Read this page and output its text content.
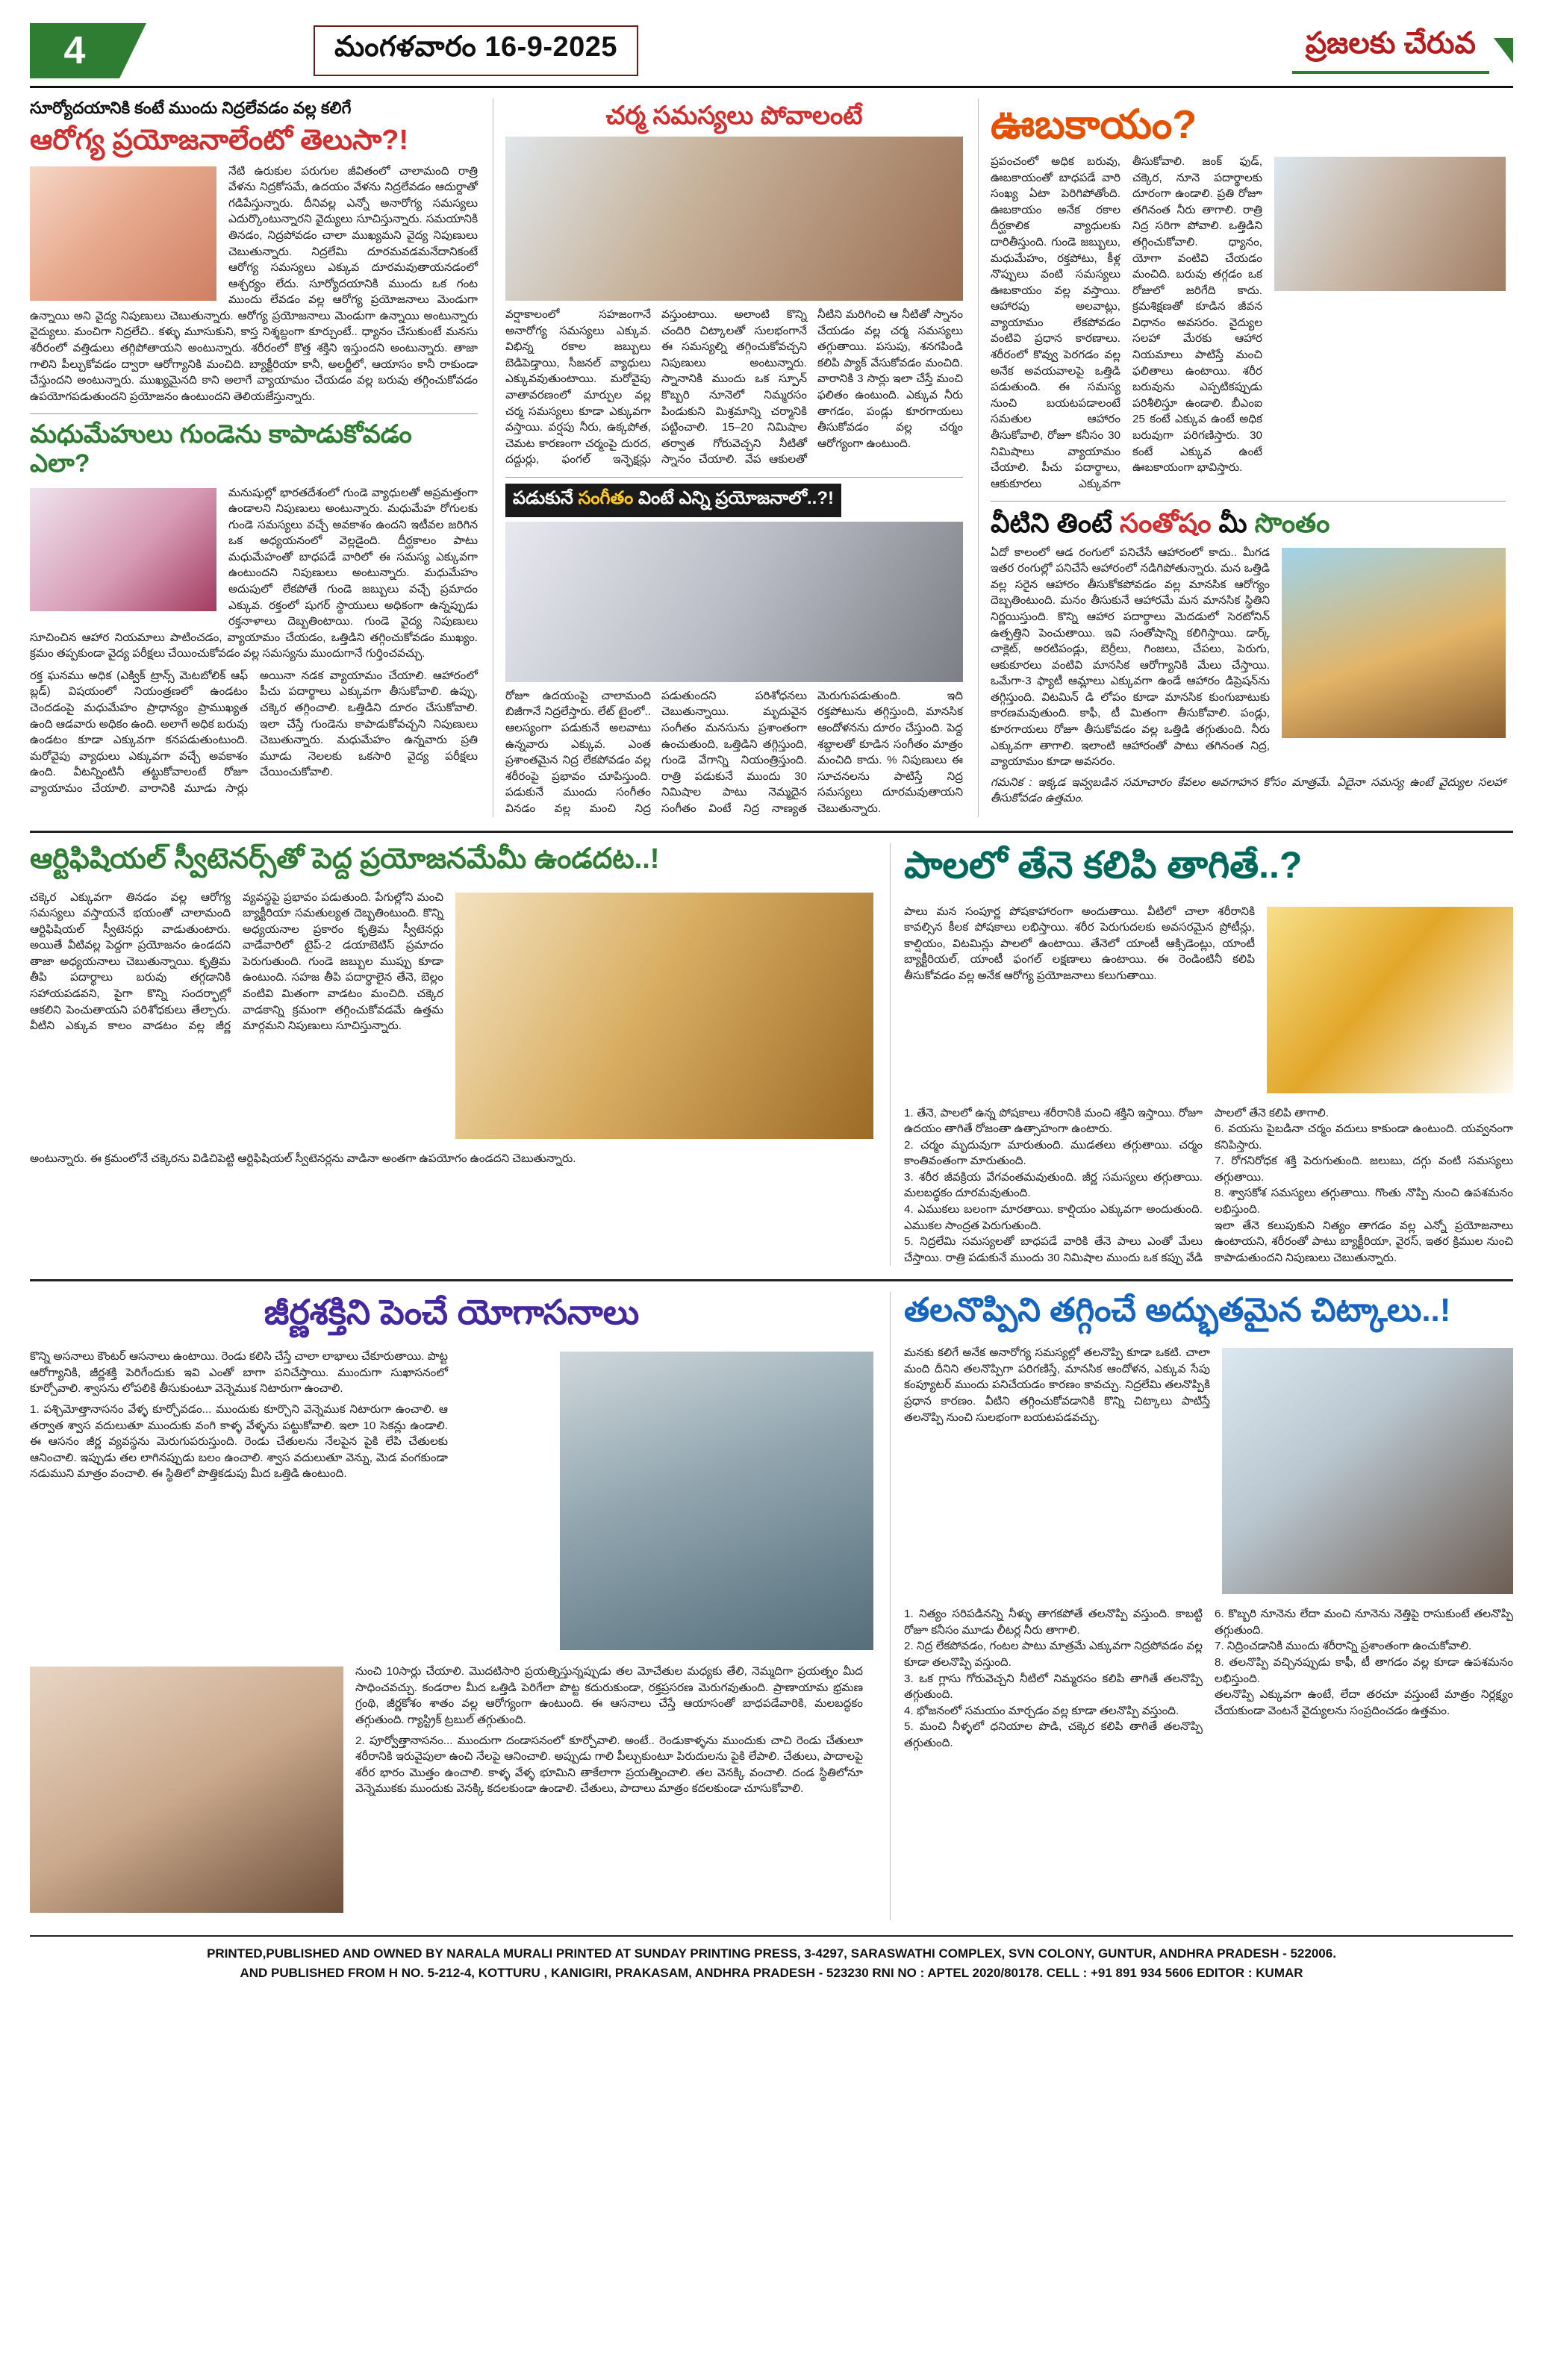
4	మంగళవారం 16-9-2025	ప్రజలకు చేరువ
సూర్యోదయానికి కంటే ముందు నిద్రలేవడం వల్ల కలిగే
ఆరోగ్య ప్రయోజనాలేంటో తెలుసా?!
నేటి ఉరుకుల పరుగుల జీవితంలో చాలామంది రాత్రి వేళను నిద్రకోసమే, ఉదయం వేళను నిద్రలేవడం ఆదుర్దాతో గడిపేస్తున్నారు. దీనివల్ల ఎన్నో అనారోగ్య సమస్యలు ఎదుర్కొంటున్నారని వైద్యులు సూచిస్తున్నారు. సమయానికి తినడం, నిద్రపోవడం చాలా ముఖ్యమని వైద్య నిపుణులు చెబుతున్నారు. నిద్రలేమి దూరమవడమనేదానికంటే ఆరోగ్య సమస్యలు ఎక్కువ దూరమవుతాయనడంలో ఆశ్చర్యం లేదు. సూర్యోదయానికి ముందు ఒక గంట ముందు లేవడం వల్ల ఆరోగ్య ప్రయోజనాలు మెండుగా ఉన్నాయి అని వైద్య నిపుణులు చెబుతున్నారు. ఆరోగ్య ప్రయోజనాలు మెండుగా ఉన్నాయి అంటున్నారు వైద్యులు. మంచిగా నిద్రలేచి.. కళ్ళు మూసుకుని, కాస్త నిశ్శబ్దంగా కూర్చుంటే.. ధ్యానం చేసుకుంటే మనసు శరీరంలో వత్తిడులు తగ్గిపోతాయని అంటున్నారు. శరీరంలో కొత్త శక్తిని ఇస్తుందని అంటున్నారు. తాజా గాలిని పీల్చుకోవడం ద్వారా ఆరోగ్యానికి మంచిది. బ్యాక్టీరియా కానీ, అలర్జీలో, ఆయాసం కానీ రాకుండా చేస్తుందని అంటున్నారు. ముఖ్యమైనది కాని అలాగే వ్యాయామం చేయడం వల్ల బరువు తగ్గించుకోవడం ఉపయోగపడుతుందని ప్రయోజనం ఉంటుందని తెలియజేస్తున్నారు.
మధుమేహులు గుండెను కాపాడుకోవడం ఎలా?
మనుషుల్లో భారతదేశంలో గుండె వ్యాధులతో అప్రమత్తంగా ఉండాలని నిపుణులు అంటున్నారు. మధుమేహ రోగులకు గుండె సమస్యలు వచ్చే అవకాశం ఉందని ఇటీవల జరిగిన ఒక అధ్యయనంలో వెల్లడైంది. దీర్ఘకాలం పాటు మధుమేహంతో బాధపడే వారిలో ఈ సమస్య ఎక్కువగా ఉంటుందని నిపుణులు అంటున్నారు. మధుమేహం అదుపులో లేకపోతే గుండె జబ్బులు వచ్చే ప్రమాదం ఎక్కువ. రక్తంలో షుగర్ స్థాయులు అధికంగా ఉన్నప్పుడు రక్తనాళాలు దెబ్బతింటాయి. గుండె వైద్య నిపుణులు సూచించిన ఆహార నియమాలు పాటించడం, వ్యాయామం చేయడం, ఒత్తిడిని తగ్గించుకోవడం ముఖ్యం. క్రమం తప్పకుండా వైద్య పరీక్షలు చేయించుకోవడం వల్ల సమస్యను ముందుగానే గుర్తించవచ్చు.
రక్త ఘనము అధిక (ఎక్విక్ ట్రాన్స్ మెటబోలిక్ ఆఫ్ బ్లడ్) విషయంలో నియంత్రణలో ఉండటం చెందడంపై మధుమేహం ప్రాధాన్యం ప్రాముఖ్యత ఉంది ఆడవారు అధికం ఉంది. అలాగే అధిక బరువు ఉండటం కూడా ఎక్కువగా కనపడుతుంటుంది. మరోవైపు వ్యాధులు ఎక్కువగా వచ్చే అవకాశం ఉంది. వీటన్నింటినీ తట్టుకోవాలంటే రోజూ వ్యాయామం చేయాలి. వారానికి మూడు సార్లు అయినా నడక వ్యాయామం చేయాలి. ఆహారంలో పీచు పదార్థాలు ఎక్కువగా తీసుకోవాలి. ఉప్పు, చక్కెర తగ్గించాలి. ఒత్తిడిని దూరం చేసుకోవాలి. ఇలా చేస్తే గుండెను కాపాడుకోవచ్చని నిపుణులు చెబుతున్నారు. మధుమేహం ఉన్నవారు ప్రతి మూడు నెలలకు ఒకసారి వైద్య పరీక్షలు చేయించుకోవాలి.
చర్మ సమస్యలు పోవాలంటే
వర్షాకాలంలో సహజంగానే అనారోగ్య సమస్యలు ఎక్కువ. విభిన్న రకాల జబ్బులు బెడిపెడ్తాయి, సీజనల్ వ్యాధులు ఎక్కువవుతుంటాయి. మరోవైపు వాతావరణంలో మార్పుల వల్ల చర్మ సమస్యలు కూడా ఎక్కువగా వస్తాయి. వర్షపు నీరు, ఉక్కపోత, చెమట కారణంగా చర్మంపై దురద, దద్దుర్లు, ఫంగల్ ఇన్ఫెక్షన్లు వస్తుంటాయి. అలాంటి కొన్ని చందిరి చిట్కాలతో సులభంగానే ఈ సమస్యల్ని తగ్గించుకోవచ్చని నిపుణులు అంటున్నారు. స్నానానికి ముందు ఒక స్పూన్ కొబ్బరి నూనెలో నిమ్మరసం పిండుకుని మిశ్రమాన్ని చర్మానికి పట్టించాలి. 15–20 నిమిషాల తర్వాత గోరువెచ్చని నీటితో స్నానం చేయాలి. వేప ఆకులతో నీటిని మరిగించి ఆ నీటితో స్నానం చేయడం వల్ల చర్మ సమస్యలు తగ్గుతాయి. పసుపు, శనగపిండి కలిపి ప్యాక్ వేసుకోవడం మంచిది. వారానికి 3 సార్లు ఇలా చేస్తే మంచి ఫలితం ఉంటుంది. ఎక్కువ నీరు తాగడం, పండ్లు కూరగాయలు తీసుకోవడం వల్ల చర్మం ఆరోగ్యంగా ఉంటుంది.
పడుకునే సంగీతం వింటే ఎన్ని ప్రయోజనాలో..?!
రోజూ ఉదయంపై చాలామంది బిజీగానే నిద్రలేస్తారు. లేట్ టైంలో.. ఆలస్యంగా పడుకునే అలవాటు ఉన్నవారు ఎక్కువ. ఎంత ప్రశాంతమైన నిద్ర లేకపోవడం వల్ల శరీరంపై ప్రభావం చూపిస్తుంది. పడుకునే ముందు సంగీతం వినడం వల్ల మంచి నిద్ర పడుతుందని పరిశోధనలు చెబుతున్నాయి. మృదువైన సంగీతం మనసును ప్రశాంతంగా ఉంచుతుంది, ఒత్తిడిని తగ్గిస్తుంది, గుండె వేగాన్ని నియంత్రిస్తుంది. రాత్రి పడుకునే ముందు 30 నిమిషాల పాటు నెమ్మదైన సంగీతం వింటే నిద్ర నాణ్యత మెరుగుపడుతుంది. ఇది రక్తపోటును తగ్గిస్తుంది, మానసిక ఆందోళనను దూరం చేస్తుంది. పెద్ద శబ్దాలతో కూడిన సంగీతం మాత్రం మంచిది కాదు. % నిపుణులు ఈ సూచనలను పాటిస్తే నిద్ర సమస్యలు దూరమవుతాయని చెబుతున్నారు.
ఊబకాయం?
ప్రపంచంలో అధిక బరువు, ఊబకాయంతో బాధపడే వారి సంఖ్య ఏటా పెరిగిపోతోంది. ఊబకాయం అనేక రకాల దీర్ఘకాలిక వ్యాధులకు దారితీస్తుంది. గుండె జబ్బులు, మధుమేహం, రక్తపోటు, కీళ్ల నొప్పులు వంటి సమస్యలు ఊబకాయం వల్ల వస్తాయి. ఆహారపు అలవాట్లు, వ్యాయామం లేకపోవడం వంటివి ప్రధాన కారణాలు. శరీరంలో కొవ్వు పెరగడం వల్ల అనేక అవయవాలపై ఒత్తిడి పడుతుంది. ఈ సమస్య నుంచి బయటపడాలంటే సమతుల ఆహారం తీసుకోవాలి, రోజూ కనీసం 30 నిమిషాలు వ్యాయామం చేయాలి. పీచు పదార్థాలు, ఆకుకూరలు ఎక్కువగా తీసుకోవాలి. జంక్ ఫుడ్, చక్కెర, నూనె పదార్థాలకు దూరంగా ఉండాలి. ప్రతి రోజూ తగినంత నీరు తాగాలి. రాత్రి నిద్ర సరిగా పోవాలి. ఒత్తిడిని తగ్గించుకోవాలి. ధ్యానం, యోగా వంటివి చేయడం మంచిది. బరువు తగ్గడం ఒక రోజులో జరిగేది కాదు. క్రమశిక్షణతో కూడిన జీవన విధానం అవసరం. వైద్యుల సలహా మేరకు ఆహార నియమాలు పాటిస్తే మంచి ఫలితాలు ఉంటాయి. శరీర బరువును ఎప్పటికప్పుడు పరిశీలిస్తూ ఉండాలి. బీఎంఐ 25 కంటే ఎక్కువ ఉంటే అధిక బరువుగా పరిగణిస్తారు. 30 కంటే ఎక్కువ ఉంటే ఊబకాయంగా భావిస్తారు.
వీటిని తింటే సంతోషం మీ సొంతం
ఏదో కాలంలో ఆడ రంగులో పనిచేసే ఆహారంలో కాదు.. మీగడ ఇతర రంగుల్లో పనిచేసే ఆహారంలో నడిగిపోతున్నారు. మన ఒత్తిడి వల్ల సరైన ఆహారం తీసుకోకపోవడం వల్ల మానసిక ఆరోగ్యం దెబ్బతింటుంది. మనం తీసుకునే ఆహారమే మన మానసిక స్థితిని నిర్ణయిస్తుంది. కొన్ని ఆహార పదార్థాలు మెదడులో సెరటోనిన్ ఉత్పత్తిని పెంచుతాయి. ఇవి సంతోషాన్ని కలిగిస్తాయి. డార్క్ చాక్లెట్, అరటిపండ్లు, బెర్రీలు, గింజలు, చేపలు, పెరుగు, ఆకుకూరలు వంటివి మానసిక ఆరోగ్యానికి మేలు చేస్తాయి. ఒమేగా-3 ఫ్యాటీ ఆమ్లాలు ఎక్కువగా ఉండే ఆహారం డిప్రెషన్‌ను తగ్గిస్తుంది. విటమిన్ డి లోపం కూడా మానసిక కుంగుబాటుకు కారణమవుతుంది. కాఫీ, టీ మితంగా తీసుకోవాలి. పండ్లు, కూరగాయలు రోజూ తీసుకోవడం వల్ల ఒత్తిడి తగ్గుతుంది. నీరు ఎక్కువగా తాగాలి. ఇలాంటి ఆహారంతో పాటు తగినంత నిద్ర, వ్యాయామం కూడా అవసరం.
గమనిక : ఇక్కడ ఇవ్వబడిన సమాచారం కేవలం అవగాహన కోసం మాత్రమే. ఏదైనా సమస్య ఉంటే వైద్యుల సలహా తీసుకోవడం ఉత్తమం.
ఆర్టిఫిషియల్ స్వీటెనర్స్‌తో పెద్ద ప్రయోజనమేమీ ఉండదట..!
చక్కెర ఎక్కువగా తినడం వల్ల ఆరోగ్య సమస్యలు వస్తాయనే భయంతో చాలామంది ఆర్టిఫిషియల్ స్వీటెనర్లు వాడుతుంటారు. అయితే వీటివల్ల పెద్దగా ప్రయోజనం ఉండదని తాజా అధ్యయనాలు చెబుతున్నాయి. కృత్రిమ తీపి పదార్థాలు బరువు తగ్గడానికి సహాయపడవని, పైగా కొన్ని సందర్భాల్లో ఆకలిని పెంచుతాయని పరిశోధకులు తేల్చారు. వీటిని ఎక్కువ కాలం వాడటం వల్ల జీర్ణ వ్యవస్థపై ప్రభావం పడుతుంది. పేగుల్లోని మంచి బ్యాక్టీరియా సమతుల్యత దెబ్బతింటుంది. కొన్ని అధ్యయనాల ప్రకారం కృత్రిమ స్వీటెనర్లు వాడేవారిలో టైప్-2 డయాబెటిస్ ప్రమాదం పెరుగుతుంది. గుండె జబ్బుల ముప్పు కూడా ఉంటుంది. సహజ తీపి పదార్థాలైన తేనె, బెల్లం వంటివి మితంగా వాడటం మంచిది. చక్కెర వాడకాన్ని క్రమంగా తగ్గించుకోవడమే ఉత్తమ మార్గమని నిపుణులు సూచిస్తున్నారు.
అంటున్నారు. ఈ క్రమంలోనే చక్కెరను విడిచిపెట్టి ఆర్టిఫిషియల్ స్వీటెనర్లను వాడినా అంతగా ఉపయోగం ఉండదని చెబుతున్నారు.
పాలలో తేనె కలిపి తాగితే..?
పాలు మన సంపూర్ణ పోషకాహారంగా అందుతాయి. వీటిలో చాలా శరీరానికి కావల్సిన కీలక పోషకాలు లభిస్తాయి. శరీర పెరుగుదలకు అవసరమైన ప్రోటీన్లు, కాల్షియం, విటమిన్లు పాలలో ఉంటాయి. తేనెలో యాంటీ ఆక్సిడెంట్లు, యాంటీ బ్యాక్టీరియల్, యాంటీ ఫంగల్ లక్షణాలు ఉంటాయి. ఈ రెండింటినీ కలిపి తీసుకోవడం వల్ల అనేక ఆరోగ్య ప్రయోజనాలు కలుగుతాయి.
1. తేనె, పాలలో ఉన్న పోషకాలు శరీరానికి మంచి శక్తిని ఇస్తాయి. రోజూ ఉదయం తాగితే రోజంతా ఉత్సాహంగా ఉంటారు.
2. చర్మం మృదువుగా మారుతుంది. ముడతలు తగ్గుతాయి. చర్మం కాంతివంతంగా మారుతుంది.
3. శరీర జీవక్రియ వేగవంతమవుతుంది. జీర్ణ సమస్యలు తగ్గుతాయి. మలబద్ధకం దూరమవుతుంది.
4. ఎముకలు బలంగా మారతాయి. కాల్షియం ఎక్కువగా అందుతుంది. ఎముకల సాంద్రత పెరుగుతుంది.
5. నిద్రలేమి సమస్యలతో బాధపడే వారికి తేనె పాలు ఎంతో మేలు చేస్తాయి. రాత్రి పడుకునే ముందు 30 నిమిషాల ముందు ఒక కప్పు వేడి పాలలో తేనె కలిపి తాగాలి.
6. వయసు పైబడినా చర్మం వదులు కాకుండా ఉంటుంది. యవ్వనంగా కనిపిస్తారు.
7. రోగనిరోధక శక్తి పెరుగుతుంది. జలుబు, దగ్గు వంటి సమస్యలు తగ్గుతాయి.
8. శ్వాసకోశ సమస్యలు తగ్గుతాయి. గొంతు నొప్పి నుంచి ఉపశమనం లభిస్తుంది.
ఇలా తేనె కలుపుకుని నిత్యం తాగడం వల్ల ఎన్నో ప్రయోజనాలు ఉంటాయని, శరీరంతో పాటు బ్యాక్టీరియా, వైరస్, ఇతర క్రిముల నుంచి కాపాడుతుందని నిపుణులు చెబుతున్నారు.
జీర్ణశక్తిని పెంచే యోగాసనాలు
కొన్ని అసనాలు కౌంటర్ ఆసనాలు ఉంటాయి. రెండు కలిసి చేస్తే చాలా లాభాలు చేకూరుతాయి. పొట్ట ఆరోగ్యానికి, జీర్ణశక్తి పెరిగేందుకు ఇవి ఎంతో బాగా పనిచేస్తాయి. ముందుగా సుఖాసనంలో కూర్చోవాలి. శ్వాసను లోపలికి తీసుకుంటూ వెన్నెముక నిటారుగా ఉంచాలి.
1. పశ్చిమోత్తానాసనం వేళ్ళ కూర్చోవడం... ముందుకు కూర్చొని వెన్నెముక నిటారుగా ఉంచాలి. ఆ తర్వాత శ్వాస వదులుతూ ముందుకు వంగి కాళ్ళ వేళ్ళను పట్టుకోవాలి. ఇలా 10 సెకన్లు ఉండాలి. ఈ ఆసనం జీర్ణ వ్యవస్థను మెరుగుపరుస్తుంది. రెండు చేతులను నేలపైన పైకి లేపి చేతులకు ఆనించాలి. ఇప్పుడు తల లాగినప్పుడు బలం ఉంచాలి. శ్వాస వదులుతూ వెన్ను, మెడ వంగకుండా నడుముని మాత్రం వంచాలి. ఈ స్థితిలో పొత్తికడుపు మీద ఒత్తిడి ఉంటుంది.
నుంచి 10సార్లు చేయాలి. మొదటిసారి ప్రయత్నిస్తున్నప్పుడు తల మోచేతుల మధ్యకు తేలి, నెమ్మదిగా ప్రయత్నం మీద సాధించవచ్చు. కండరాల మీద ఒత్తిడి పెరిగేలా పొట్ట కదురుకుండా, రక్తప్రసరణ మెరుగవుతుంది. ప్రాణాయామ భ్రమణ గ్రంథి, జీర్ణకోశం శాతం వల్ల ఆరోగ్యంగా ఉంటుంది. ఈ ఆసనాలు చేస్తే ఆయాసంతో బాధపడేవారికి, మలబద్ధకం తగ్గుతుంది. గ్యాస్ట్రిక్ ట్రబుల్ తగ్గుతుంది.
2. పూర్వోత్తానాసనం... ముందుగా దండాసనంలో కూర్చోవాలి. అంటే.. రెండుకాళ్ళను ముందుకు చాచి రెండు చేతులూ శరీరానికి ఇరువైపులా ఉంచి నేలపై ఆనించాలి. అప్పుడు గాలి పీల్చుకుంటూ పిరుదులను పైకి లేపాలి. చేతులు, పాదాలపై శరీర భారం మొత్తం ఉంచాలి. కాళ్ళ వేళ్ళ భూమిని తాకేలాగా ప్రయత్నించాలి. తల వెనక్కి వంచాలి. దండ స్థితిలోనూ వెన్నెముకకు ముందుకు వెనక్కి కదలకుండా ఉండాలి. చేతులు, పాదాలు మాత్రం కదలకుండా చూసుకోవాలి.
తలనొప్పిని తగ్గించే అద్భుతమైన చిట్కాలు..!
మనకు కలిగే అనేక అనారోగ్య సమస్యల్లో తలనొప్పి కూడా ఒకటి. చాలా మంది దీనిని తలనొప్పిగా పరిగణిస్తే, మానసిక ఆందోళన, ఎక్కువ సేపు కంప్యూటర్ ముందు పనిచేయడం కారణం కావచ్చు. నిద్రలేమి తలనొప్పికి ప్రధాన కారణం. వీటిని తగ్గించుకోవడానికి కొన్ని చిట్కాలు పాటిస్తే తలనొప్పి నుంచి సులభంగా బయటపడవచ్చు.
1. నిత్యం సరిపడినన్ని నీళ్ళు తాగకపోతే తలనొప్పి వస్తుంది. కాబట్టి రోజూ కనీసం మూడు లీటర్ల నీరు తాగాలి.
2. నిద్ర లేకపోవడం, గంటల పాటు మాత్రమే ఎక్కువగా నిద్రపోవడం వల్ల కూడా తలనొప్పి వస్తుంది.
3. ఒక గ్లాసు గోరువెచ్చని నీటిలో నిమ్మరసం కలిపి తాగితే తలనొప్పి తగ్గుతుంది.
4. భోజనంలో సమయం మార్చడం వల్ల కూడా తలనొప్పి వస్తుంది.
5. మంచి నీళ్ళలో ధనియాల పొడి, చక్కెర కలిపి తాగితే తలనొప్పి తగ్గుతుంది.
6. కొబ్బరి నూనెను లేదా మంచి నూనెను నెత్తిపై రాసుకుంటే తలనొప్పి తగ్గుతుంది.
7. నిద్రించడానికి ముందు శరీరాన్ని ప్రశాంతంగా ఉంచుకోవాలి.
8. తలనొప్పి వచ్చినప్పుడు కాఫీ, టీ తాగడం వల్ల కూడా ఉపశమనం లభిస్తుంది.
తలనొప్పి ఎక్కువగా ఉంటే, లేదా తరచూ వస్తుంటే మాత్రం నిర్లక్ష్యం చేయకుండా వెంటనే వైద్యులను సంప్రదించడం ఉత్తమం.
PRINTED,PUBLISHED AND OWNED BY NARALA MURALI PRINTED AT SUNDAY PRINTING PRESS, 3-4297, SARASWATHI COMPLEX, SVN COLONY, GUNTUR, ANDHRA PRADESH - 522006.
AND PUBLISHED FROM H NO. 5-212-4, KOTTURU , KANIGIRI, PRAKASAM, ANDHRA PRADESH - 523230 RNI NO : APTEL 2020/80178. CELL : +91 891 934 5606 EDITOR : KUMAR
